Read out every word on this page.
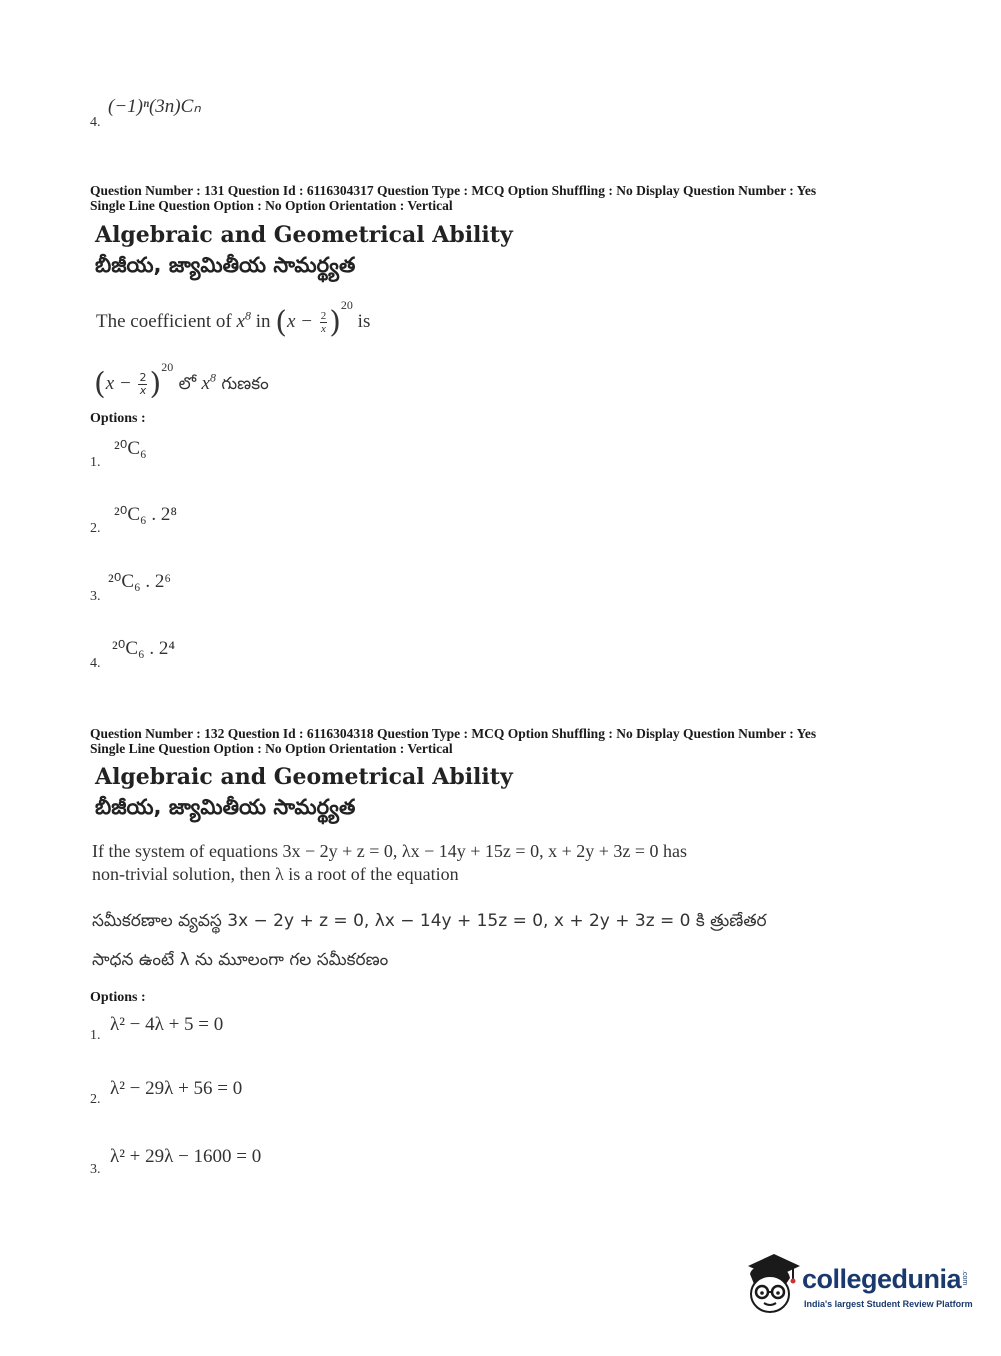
4.
(−1)ⁿ(3n)Cₙ
Question Number : 131 Question Id : 6116304317 Question Type : MCQ Option Shuffling : No Display Question Number : Yes
Single Line Question Option : No Option Orientation : Vertical
Algebraic and Geometrical Ability
బీజీయ, జ్యామితీయ సామర్థ్యత
The coefficient of $x^8$ in $(x - \frac{2}{x} )^{20}$ is
$(x - \frac{2}{x} )^{20}$ లో $x^8$ గుణకం
Options :
1.
²⁰C₆
2.
²⁰C₆ . 2⁸
3.
²⁰C₆ . 2⁶
4.
²⁰C₆ . 2⁴
Question Number : 132 Question Id : 6116304318 Question Type : MCQ Option Shuffling : No Display Question Number : Yes
Single Line Question Option : No Option Orientation : Vertical
Algebraic and Geometrical Ability
బీజీయ, జ్యామితీయ సామర్థ్యత
If the system of equations 3x − 2y + z = 0, λx − 14y + 15z = 0, x + 2y + 3z = 0 has
non-trivial solution, then λ is a root of the equation
సమీకరణాల వ్యవస్థ 3x − 2y + z = 0, λx − 14y + 15z = 0, x + 2y + 3z = 0 కి త్రుణేతర
సాధన ఉంటే λ ను మూలంగా గల సమీకరణం
Options :
1.
λ² − 4λ + 5 = 0
2.
λ² − 29λ + 56 = 0
3.
λ² + 29λ − 1600 = 0
collegedunia .com
India's largest Student Review Platform
